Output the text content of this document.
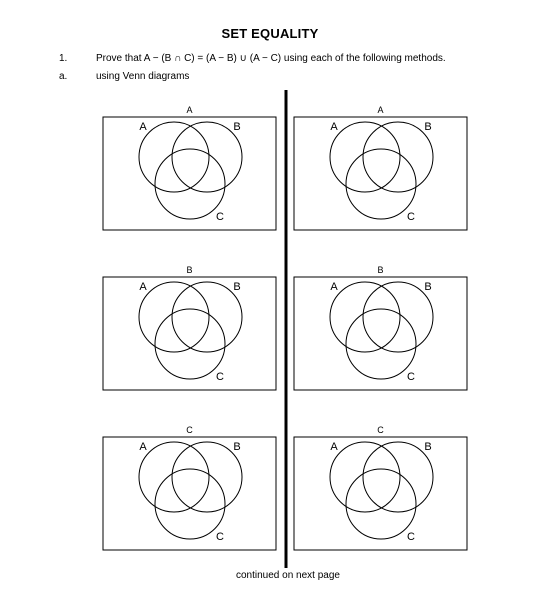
SET EQUALITY
1.	Prove that A − (B ∩ C) = (A − B) ∪ (A − C) using each of the following methods.
a.	using Venn diagrams
A
A	B
C
A
A	B
C
B
A	B
C
B
A	B
C
C
A	B
C
C
A	B
C
continued on next page
